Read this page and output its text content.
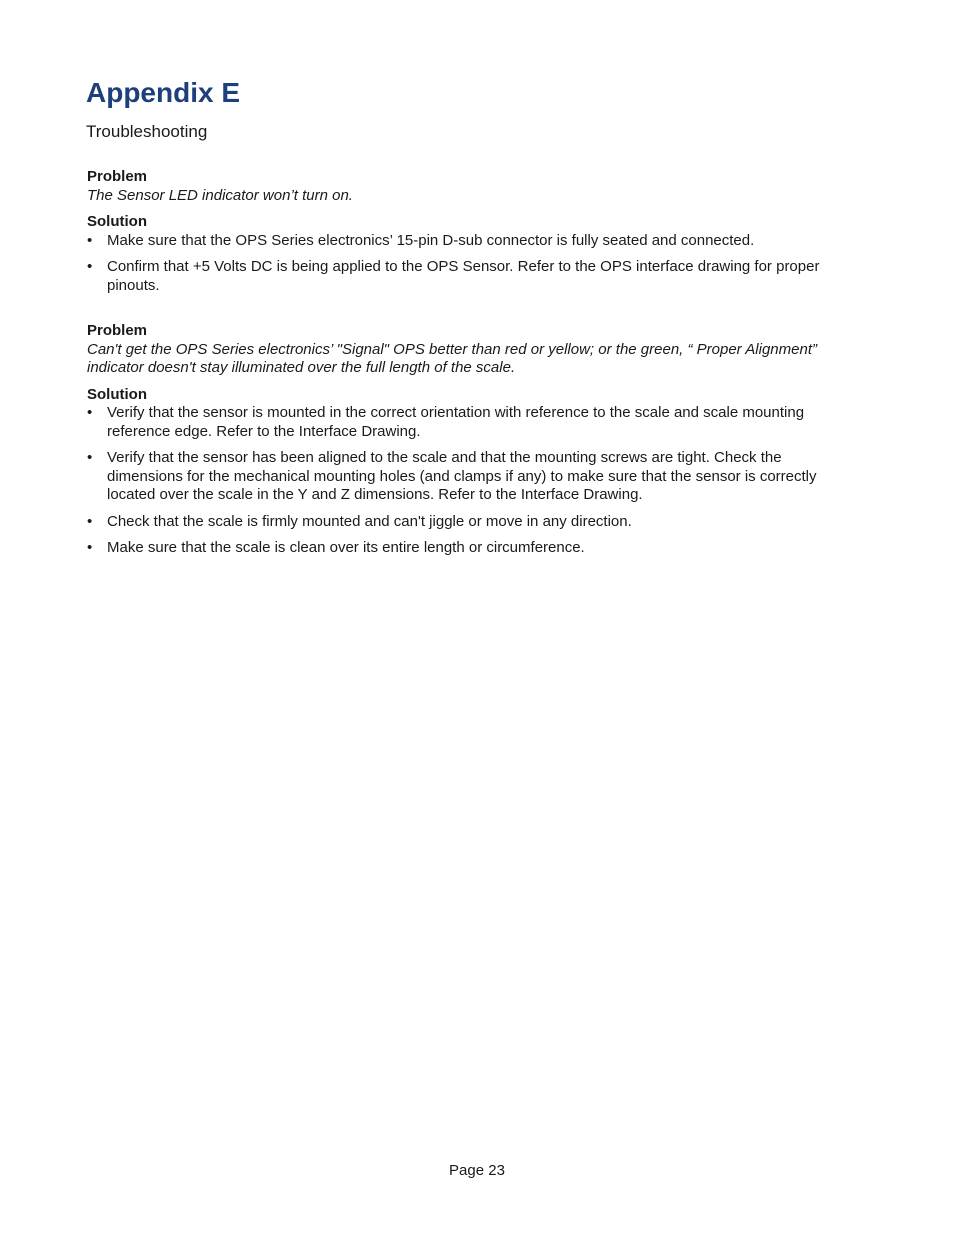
Appendix E

Troubleshooting

Problem

The Sensor LED indicator won’t turn on.

Solution

• Make sure that the OPS Series electronics’ 15-pin D-sub connector is fully seated and connected.
• Confirm that +5 Volts DC is being applied to the OPS Sensor. Refer to the OPS interface drawing for proper pinouts.

Problem

Can't get the OPS Series electronics’ "Signal" OPS better than red or yellow; or the green, “ Proper Alignment” indicator doesn't stay illuminated over the full length of the scale.

Solution

• Verify that the sensor is mounted in the correct orientation with reference to the scale and scale mounting reference edge. Refer to the Interface Drawing.
• Verify that the sensor has been aligned to the scale and that the mounting screws are tight. Check the dimensions for the mechanical mounting holes (and clamps if any) to make sure that the sensor is correctly located over the scale in the Y and Z dimensions. Refer to the Interface Drawing.
• Check that the scale is firmly mounted and can't jiggle or move in any direction.
• Make sure that the scale is clean over its entire length or circumference.
Page 23
